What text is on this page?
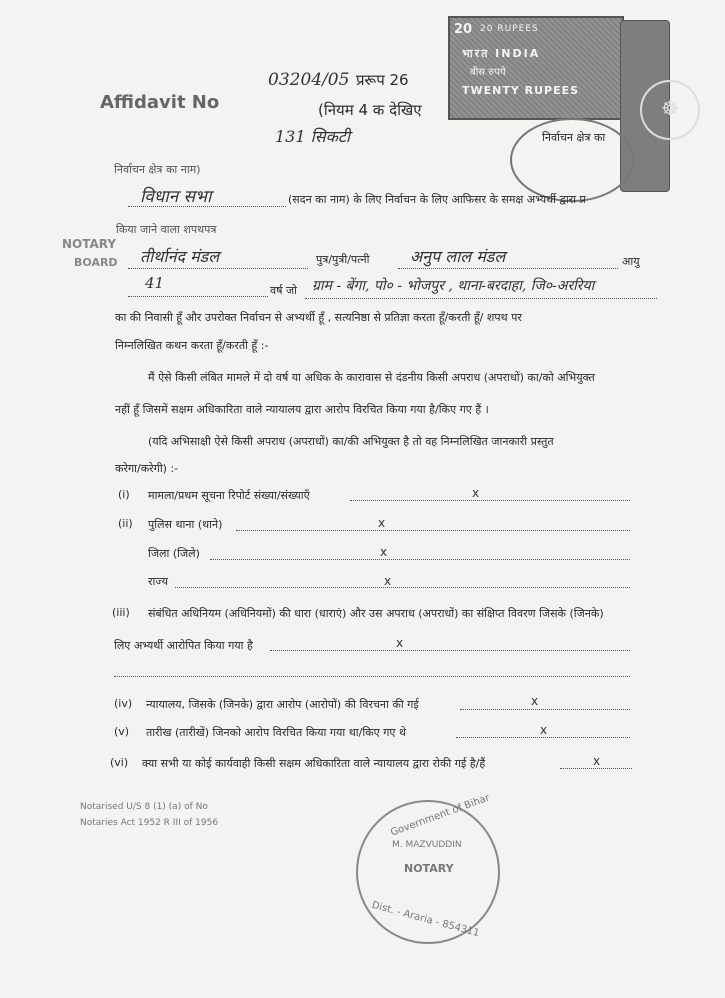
20 20 RUPEES
भारत INDIA
बीस रुपये
TWENTY RUPEES
☸
03204/05 प्ररूप 26
Affidavit No	(नियम 4 क देखिए
131 सिकटी	निर्वाचन क्षेत्र का
निर्वाचन क्षेत्र का नाम)
विधान सभा	(सदन का नाम) के लिए निर्वाचन के लिए आफिसर के समक्ष अभ्यर्थी द्वारा प्र
किया जाने वाला शपथपत्र
NOTARY
BOARD तीर्थानंद मंडल	पुत्र/पुत्री/पत्नी	अनुप लाल मंडल	आयु
41	वर्ष जो ग्राम - बेंगा, पो० - भोजपुर , थाना-बरदाहा, जि०-अररिया
का की निवासी हूँ और उपरोक्त निर्वाचन से अभ्यर्थी हूँ , सत्यनिष्ठा से प्रतिज्ञा करता हूँ/करती हूँ/ शपथ पर
निम्नलिखित कथन करता हूँ/करती हूँ :-
मैं ऐसे किसी लंबित मामले में दो वर्ष या अधिक के कारावास से दंडनीय किसी अपराध (अपराधों) का/को अभियुक्त
नहीं हूँ जिसमें सक्षम अधिकारिता वाले न्यायालय द्वारा आरोप विरचित किया गया है/किए गए हैं ।
(यदि अभिसाक्षी ऐसे किसी अपराध (अपराधों) का/की अभियुक्त है तो वह निम्नलिखित जानकारी प्रस्तुत
करेगा/करेगी) :-
(i) मामला/प्रथम सूचना रिपोर्ट संख्या/संख्याएँ	x
(ii) पुलिस थाना (थाने)	x
जिला (जिले)	x
राज्य	x
(iii) संबंधित अधिनियम (अधिनियमों) की धारा (धाराएं) और उस अपराध (अपराधों) का संक्षिप्त विवरण जिसके (जिनके)
लिए अभ्यर्थी आरोपित किया गया है	x
(iv) न्यायालय, जिसके (जिनके) द्वारा आरोप (आरोपों) की विरचना की गई	x
(v) तारीख (तारीखें) जिनको आरोप विरचित किया गया था/किए गए थे	x
(vi) क्या सभी या कोई कार्यवाही किसी सक्षम अधिकारिता वाले न्यायालय द्वारा रोकी गई है/हैं	x
Notarised U/S 8 (1) (a) of No
Notaries Act 1952 R III of 1956	Government of Bihar
M. MAZVUDDIN
NOTARY
Dist. - Araria - 854311
